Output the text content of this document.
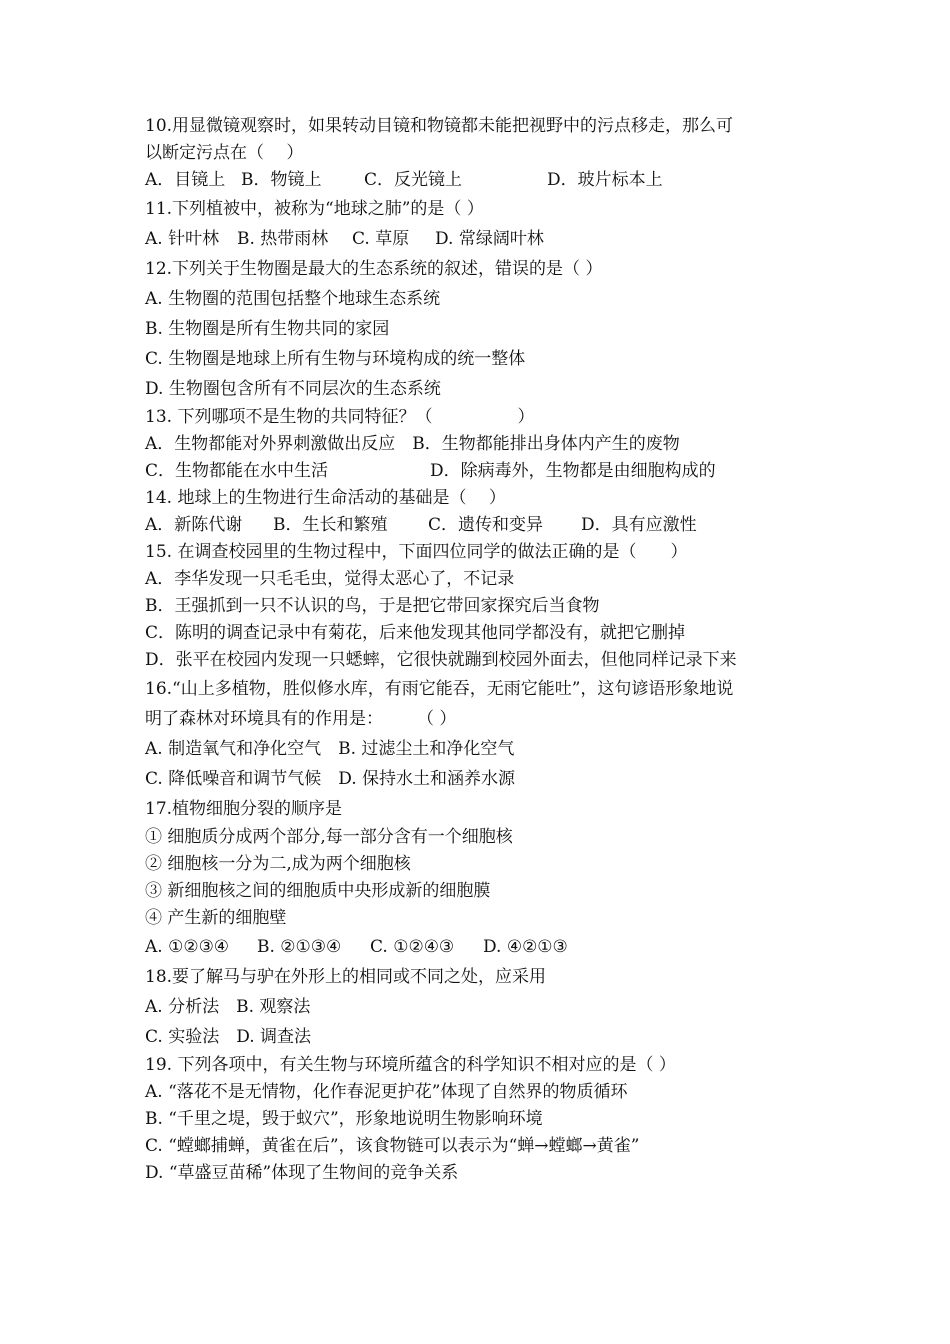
10.用显微镜观察时，如果转动目镜和物镜都未能把视野中的污点移走，那么可

以断定污点在（　 ）

A．目镜上 B．物镜上	C．反光镜上	D．玻片标本上

11.下列植被中，被称为“地球之肺”的是（ ）

A. 针叶林	B. 热带雨林	C. 草原	D. 常绿阔叶林

12.下列关于生物圈是最大的生态系统的叙述，错误的是（ ）

A. 生物圈的范围包括整个地球生态系统

B. 生物圈是所有生物共同的家园

C. 生物圈是地球上所有生物与环境构成的统一整体

D. 生物圈包含所有不同层次的生态系统

13. 下列哪项不是生物的共同特征？（　　　　　）

A．生物都能对外界刺激做出反应　B．生物都能排出身体内产生的废物

C．生物都能在水中生活　　　　　　D．除病毒外，生物都是由细胞构成的

14. 地球上的生物进行生命活动的基础是（　 ）

A．新陈代谢	B．生长和繁殖	C．遗传和变异	D．具有应激性

15. 在调查校园里的生物过程中，下面四位同学的做法正确的是（　　）

A．李华发现一只毛毛虫，觉得太恶心了，不记录

B．王强抓到一只不认识的鸟，于是把它带回家探究后当食物

C．陈明的调查记录中有菊花，后来他发现其他同学都没有，就把它删掉

D．张平在校园内发现一只蟋蟀，它很快就蹦到校园外面去，但他同样记录下来

16.“山上多植物，胜似修水库，有雨它能吞，无雨它能吐”，这句谚语形象地说

明了森林对环境具有的作用是：　　　（ ）

A. 制造氧气和净化空气　B. 过滤尘土和净化空气

C. 降低噪音和调节气候　D. 保持水土和涵养水源

17.植物细胞分裂的顺序是

① 细胞质分成两个部分,每一部分含有一个细胞核

② 细胞核一分为二,成为两个细胞核

③ 新细胞核之间的细胞质中央形成新的细胞膜

④ 产生新的细胞壁

A. ①②③④	B. ②①③④	C. ①②④③	D. ④②①③

18.要了解马与驴在外形上的相同或不同之处，应采用

A. 分析法　B. 观察法

C. 实验法　D. 调查法

19. 下列各项中，有关生物与环境所蕴含的科学知识不相对应的是（ ）

A. “落花不是无情物，化作春泥更护花”体现了自然界的物质循环

B. “千里之堤，毁于蚁穴”，形象地说明生物影响环境

C. “螳螂捕蝉，黄雀在后”，该食物链可以表示为“蝉→螳螂→黄雀”

D. “草盛豆苗稀”体现了生物间的竞争关系
